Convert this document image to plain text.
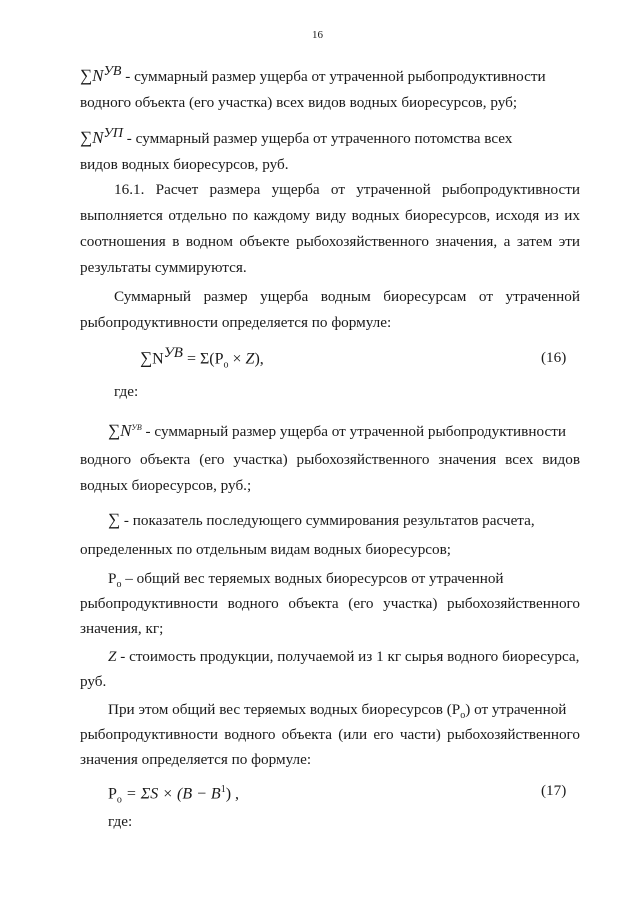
16
$\sum N^{УВ}$ - суммарный размер ущерба от утраченной рыбопродуктивности
водного объекта (его участка) всех видов водных биоресурсов, руб;
$\sum N^{УП}$ - суммарный размер ущерба от утраченного потомства всех
видов водных биоресурсов, руб.
16.1. Расчет размера ущерба от утраченной рыбопродуктивности
выполняется отдельно по каждому виду водных биоресурсов, исходя из их
соотношения в водном объекте рыбохозяйственного значения, а затем эти
результаты суммируются.
Суммарный размер ущерба водным биоресурсам от утраченной
рыбопродуктивности определяется по формуле:
$\sum N^{УВ} = \Sigma(P_o \times Z)$,	(16)
где:
$\sum N^{УВ}$ - суммарный размер ущерба от утраченной рыбопродуктивности
водного объекта (его участка) рыбохозяйственного значения всех видов
водных биоресурсов, руб.;
∑ - показатель последующего суммирования результатов расчета,
определенных по отдельным видам водных биоресурсов;
$P_o$ – общий вес теряемых водных биоресурсов от утраченной
рыбопродуктивности водного объекта (его участка) рыбохозяйственного
значения, кг;
Z - стоимость продукции, получаемой из 1 кг сырья водного биоресурса,
руб.
При этом общий вес теряемых водных биоресурсов $(P_o)$ от утраченной
рыбопродуктивности водного объекта (или его части) рыбохозяйственного
значения определяется по формуле:
$P_o = \Sigma S \times (B - B^1)$ ,	(17)
где:
